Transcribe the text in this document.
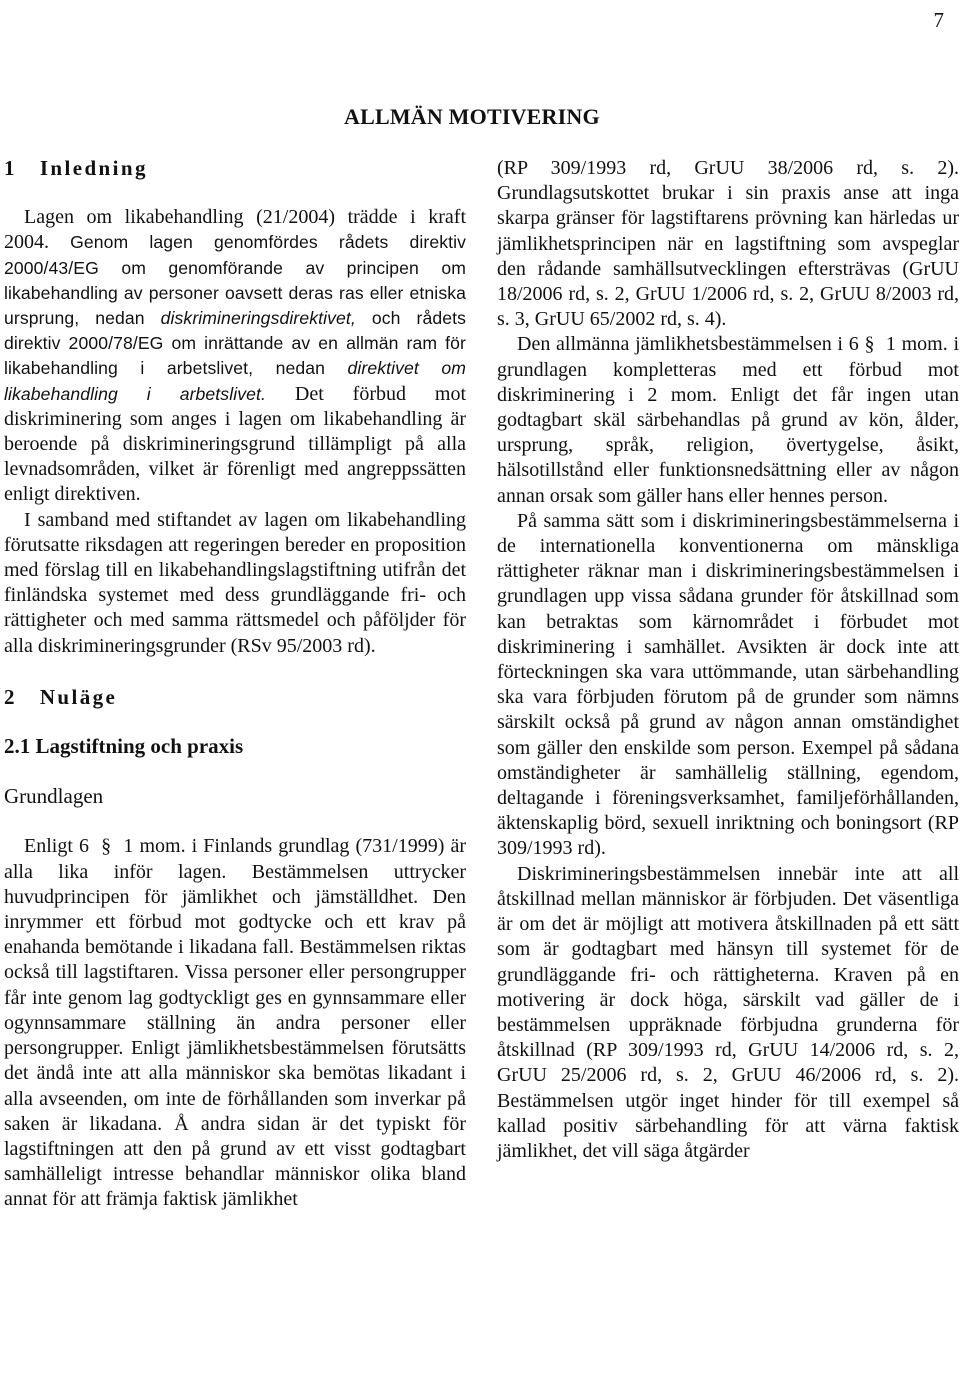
7
ALLMÄN MOTIVERING
1 Inledning

Lagen om likabehandling (21/2004) trädde i kraft 2004. Genom lagen genomfördes rådets direktiv 2000/43/EG om genomförande av principen om likabehandling av personer oavsett deras ras eller etniska ursprung, nedan diskrimineringsdirektivet, och rådets direktiv 2000/78/EG om inrättande av en allmän ram för likabehandling i arbetslivet, nedan direktivet om likabehandling i arbetslivet. Det förbud mot diskriminering som anges i lagen om likabehandling är beroende på diskrimineringsgrund tillämpligt på alla levnadsområden, vilket är förenligt med angreppssätten enligt direktiven.

I samband med stiftandet av lagen om likabehandling förutsatte riksdagen att regeringen bereder en proposition med förslag till en likabehandlingslagstiftning utifrån det finländska systemet med dess grundläggande fri- och rättigheter och med samma rättsmedel och påföljder för alla diskrimineringsgrunder (RSv 95/2003 rd).

2 Nuläge
2.1 Lagstiftning och praxis
Grundlagen

Enligt 6 § 1 mom. i Finlands grundlag (731/1999) är alla lika inför lagen. Bestämmelsen uttrycker huvudprincipen för jämlikhet och jämställdhet. Den inrymmer ett förbud mot godtycke och ett krav på enahanda bemötande i likadana fall. Bestämmelsen riktas också till lagstiftaren. Vissa personer eller persongrupper får inte genom lag godtyckligt ges en gynnsammare eller ogynnsammare ställning än andra personer eller persongrupper. Enligt jämlikhetsbestämmelsen förutsätts det ändå inte att alla människor ska bemötas likadant i alla avseenden, om inte de förhållanden som inverkar på saken är likadana. Å andra sidan är det typiskt för lagstiftningen att den på grund av ett visst godtagbart samhälleligt intresse behandlar människor olika bland annat för att främja faktisk jämlikhet

(RP 309/1993 rd, GrUU 38/2006 rd, s. 2). Grundlagsutskottet brukar i sin praxis anse att inga skarpa gränser för lagstiftarens prövning kan härledas ur jämlikhetsprincipen när en lagstiftning som avspeglar den rådande samhällsutvecklingen eftersträvas (GrUU 18/2006 rd, s. 2, GrUU 1/2006 rd, s. 2, GrUU 8/2003 rd, s. 3, GrUU 65/2002 rd, s. 4).

Den allmänna jämlikhetsbestämmelsen i 6 § 1 mom. i grundlagen kompletteras med ett förbud mot diskriminering i 2 mom. Enligt det får ingen utan godtagbart skäl särbehandlas på grund av kön, ålder, ursprung, språk, religion, övertygelse, åsikt, hälsotillstånd eller funktionsnedsättning eller av någon annan orsak som gäller hans eller hennes person.

På samma sätt som i diskrimineringsbestämmelserna i de internationella konventionerna om mänskliga rättigheter räknar man i diskrimineringsbestämmelsen i grundlagen upp vissa sådana grunder för åtskillnad som kan betraktas som kärnområdet i förbudet mot diskriminering i samhället. Avsikten är dock inte att förteckningen ska vara uttömmande, utan särbehandling ska vara förbjuden förutom på de grunder som nämns särskilt också på grund av någon annan omständighet som gäller den enskilde som person. Exempel på sådana omständigheter är samhällelig ställning, egendom, deltagande i föreningsverksamhet, familjeförhållanden, äktenskaplig börd, sexuell inriktning och boningsort (RP 309/1993 rd).

Diskrimineringsbestämmelsen innebär inte att all åtskillnad mellan människor är förbjuden. Det väsentliga är om det är möjligt att motivera åtskillnaden på ett sätt som är godtagbart med hänsyn till systemet för de grundläggande fri- och rättigheterna. Kraven på en motivering är dock höga, särskilt vad gäller de i bestämmelsen uppräknade förbjudna grunderna för åtskillnad (RP 309/1993 rd, GrUU 14/2006 rd, s. 2, GrUU 25/2006 rd, s. 2, GrUU 46/2006 rd, s. 2). Bestämmelsen utgör inget hinder för till exempel så kallad positiv särbehandling för att värna faktisk jämlikhet, det vill säga åtgärder
